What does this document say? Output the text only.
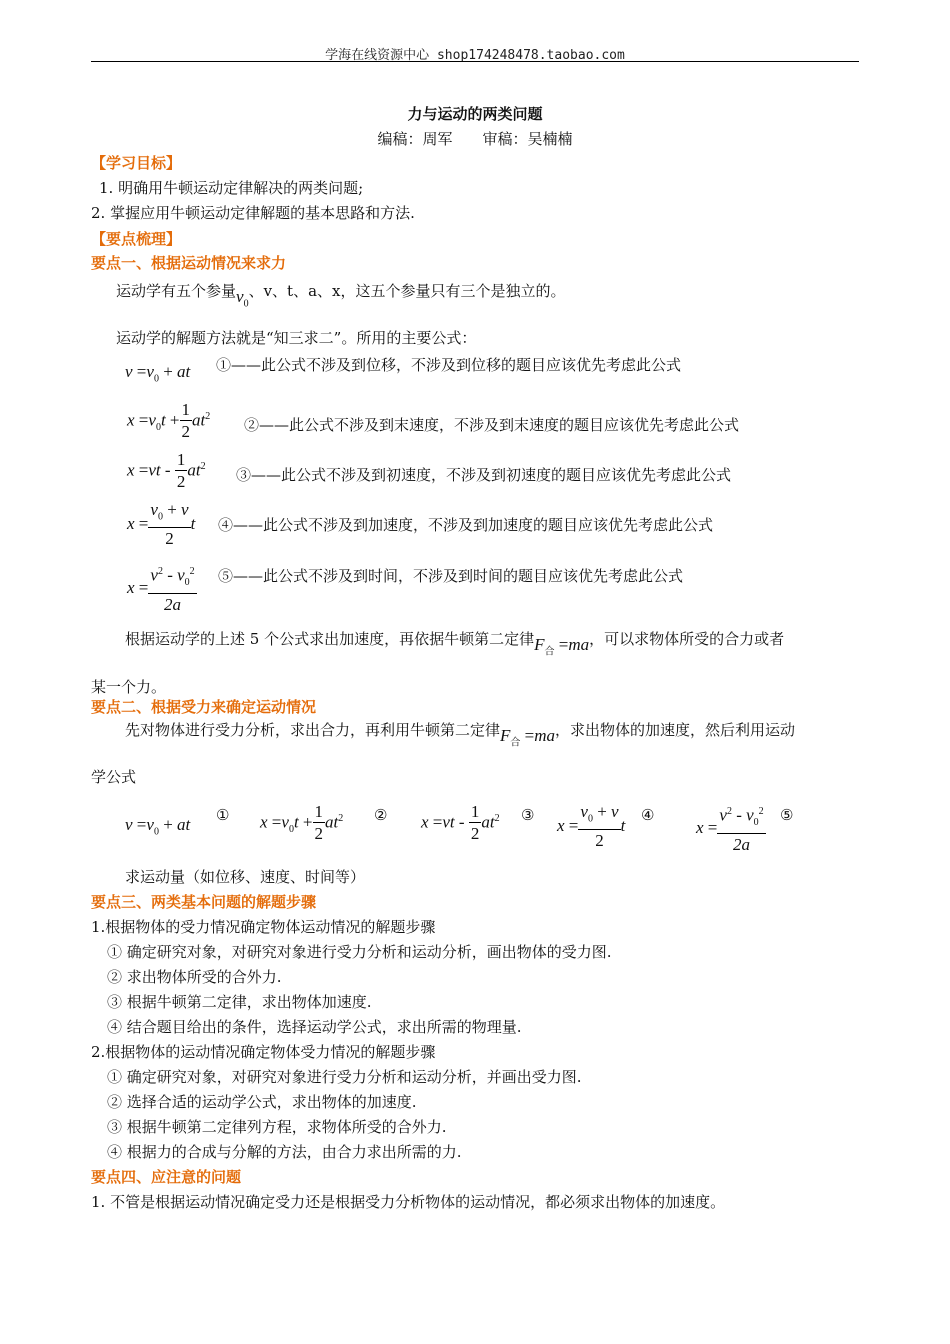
学海在线资源中心 shop174248478.taobao.com
力与运动的两类问题
编稿：周军　　审稿：吴楠楠
【学习目标】
1. 明确用牛顿运动定律解决的两类问题;
2. 掌握应用牛顿运动定律解题的基本思路和方法.
【要点梳理】
要点一、根据运动情况来求力
运动学有五个参量$v_0$、v、t、a、x，这五个参量只有三个是独立的。
运动学的解题方法就是“知三求二”。所用的主要公式：
$v =v_0$ + at ①——此公式不涉及到位移，不涉及到位移的题目应该优先考虑此公式
$x =v_0t + \frac{1}{2} at^2$ ②——此公式不涉及到末速度，不涉及到末速度的题目应该优先考虑此公式
$x =vt - \frac{1}{2} at^2$ ③——此公式不涉及到初速度，不涉及到初速度的题目应该优先考虑此公式
$x = \frac{v_0 + v}{2}$ t ④——此公式不涉及到加速度，不涉及到加速度的题目应该优先考虑此公式
$x = \frac{v^2 - v_0^2}{2a}$ ⑤——此公式不涉及到时间，不涉及到时间的题目应该优先考虑此公式
根据运动学的上述 5 个公式求出加速度，再依据牛顿第二定律$F_合 =ma$，可以求物体所受的合力或者
某一个力。
要点二、根据受力来确定运动情况
先对物体进行受力分析，求出合力，再利用牛顿第二定律$F_合 =ma$，求出物体的加速度，然后利用运动
学公式
$v =v_0$ + at ① $x =v_0t + \frac{1}{2} at^2$ ② $x =vt - \frac{1}{2} at^2$ ③
$x = \frac{v_0 + v}{2}$ t
④
$x = \frac{v^2 - v_0^2}{2a}$ ⑤
求运动量（如位移、速度、时间等）
要点三、两类基本问题的解题步骤
1.根据物体的受力情况确定物体运动情况的解题步骤
① 确定研究对象，对研究对象进行受力分析和运动分析，画出物体的受力图.
② 求出物体所受的合外力.
③ 根据牛顿第二定律，求出物体加速度.
④ 结合题目给出的条件，选择运动学公式，求出所需的物理量.
2.根据物体的运动情况确定物体受力情况的解题步骤
① 确定研究对象，对研究对象进行受力分析和运动分析，并画出受力图.
② 选择合适的运动学公式，求出物体的加速度.
③ 根据牛顿第二定律列方程，求物体所受的合外力.
④ 根据力的合成与分解的方法，由合力求出所需的力.
要点四、应注意的问题
1. 不管是根据运动情况确定受力还是根据受力分析物体的运动情况，都必须求出物体的加速度。
